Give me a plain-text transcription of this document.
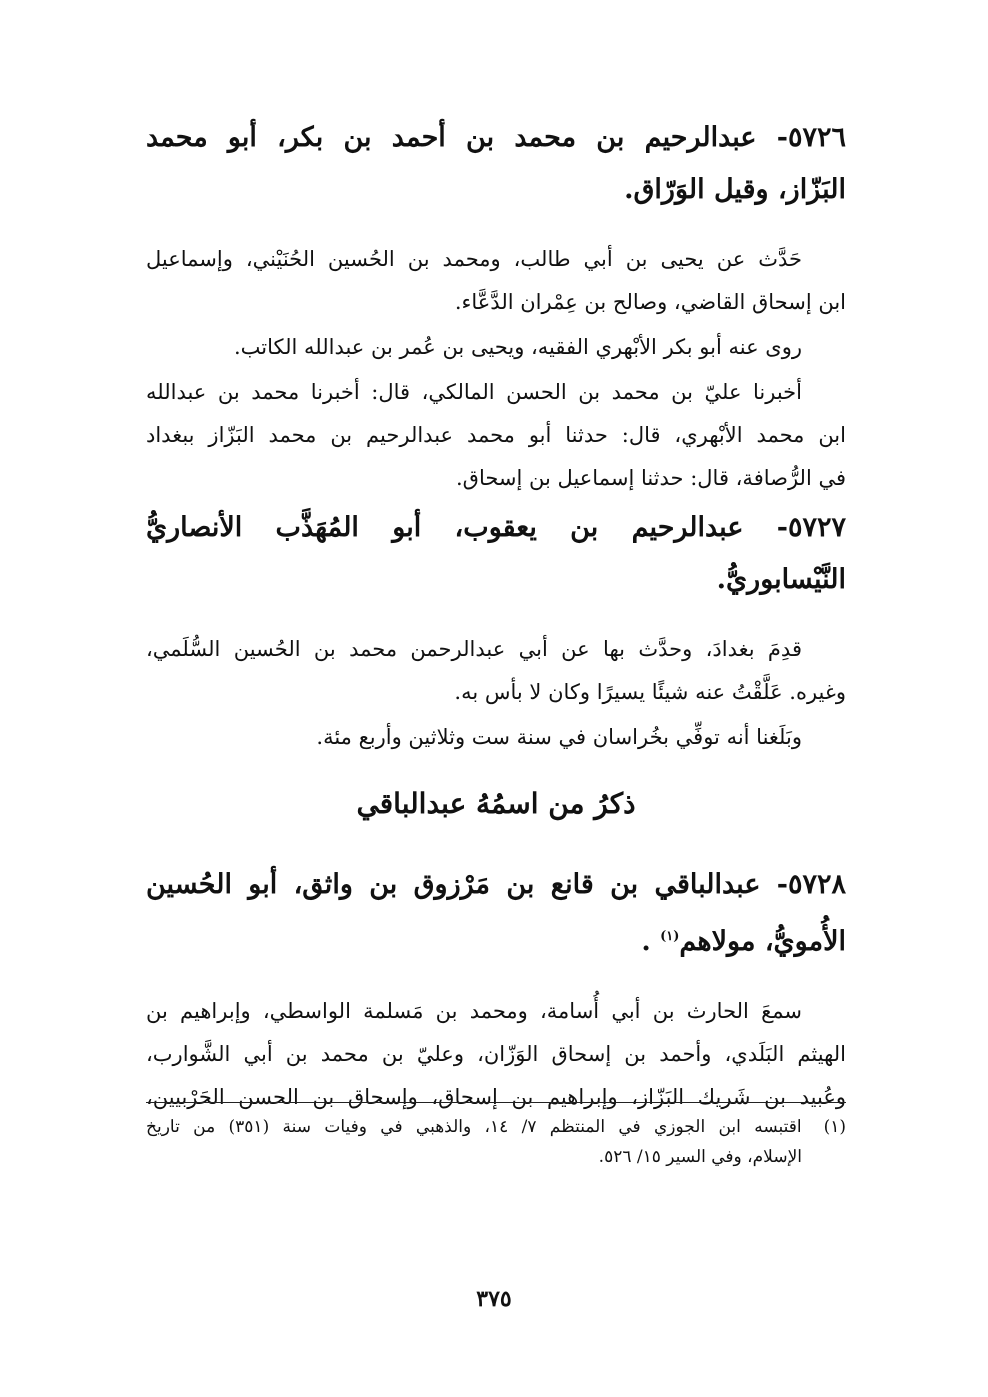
٥٧٢٦- عبدالرحيم بن محمد بن أحمد بن بكر، أبو محمد
البَزّاز، وقيل الوَرّاق.
حَدَّث عن يحيى بن أبي طالب، ومحمد بن الحُسين الحُنَيْني، وإسماعيل
ابن إسحاق القاضي، وصالح بن عِمْران الدَّعَّاء.
روى عنه أبو بكر الأبْهري الفقيه، ويحيى بن عُمر بن عبدالله الكاتب.
أخبرنا عليّ بن محمد بن الحسن المالكي، قال: أخبرنا محمد بن عبدالله
ابن محمد الأبْهري، قال: حدثنا أبو محمد عبدالرحيم بن محمد البَزّاز ببغداد
في الرُّصافة، قال: حدثنا إسماعيل بن إسحاق.
٥٧٢٧- عبدالرحيم بن يعقوب، أبو المُهَذَّب الأنصاريُّ
النَّيْسابوريُّ.
قدِمَ بغدادَ، وحدَّث بها عن أبي عبدالرحمن محمد بن الحُسين السُّلَمي،
وغيره. عَلَّقْتُ عنه شيئًا يسيرًا وكان لا بأس به.
وبَلَغنا أنه توفِّي بخُراسان في سنة ست وثلاثين وأربع مئة.
ذكرُ من اسمُهُ عبدالباقي
٥٧٢٨- عبدالباقي بن قانع بن مَرْزوق بن واثق، أبو الحُسين
الأُمويُّ، مولاهم$^{(١)}$ .
سمعَ الحارث بن أبي أُسامة، ومحمد بن مَسلمة الواسطي، وإبراهيم بن
الهيثم البَلَدي، وأحمد بن إسحاق الوَزّان، وعليّ بن محمد بن أبي الشَّوارب،
وعُبيد بن شَريك البَزّاز، وإبراهيم بن إسحاق، وإسحاق بن الحسن الحَرْبيين،
(١)اقتبسه ابن الجوزي في المنتظم ٧/ ١٤، والذهبي في وفيات سنة (٣٥١) من تاريخ
الإسلام، وفي السير ١٥/ ٥٢٦.
٣٧٥
